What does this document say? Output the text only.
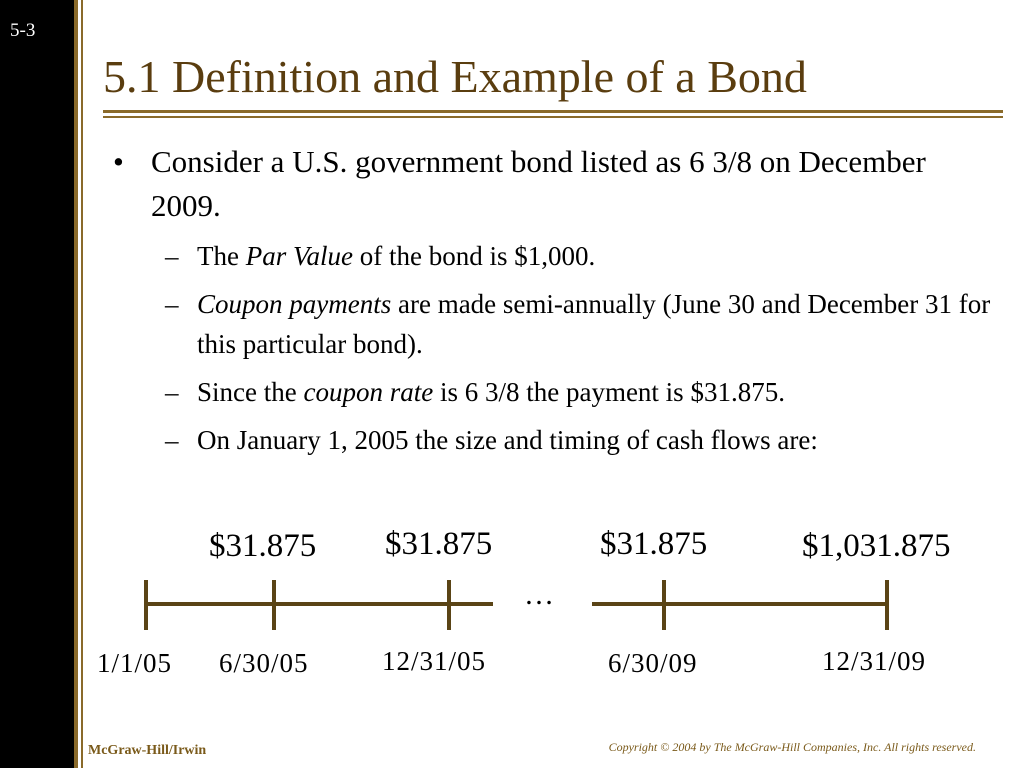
5-3
5.1 Definition and Example of a Bond
• Consider a U.S. government bond listed as 6 3/8 on December 2009.
– The Par Value of the bond is $1,000.
– Coupon payments are made semi-annually (June 30 and December 31 for this particular bond).
– Since the coupon rate is 6 3/8 the payment is $31.875.
– On January 1, 2005 the size and timing of cash flows are:
$31.875 $31.875	$31.875	$1,031.875
…
1/1/05 6/30/05	12/31/05	6/30/09	12/31/09
McGraw-Hill/Irwin	Copyright © 2004 by The McGraw-Hill Companies, Inc. All rights reserved.
